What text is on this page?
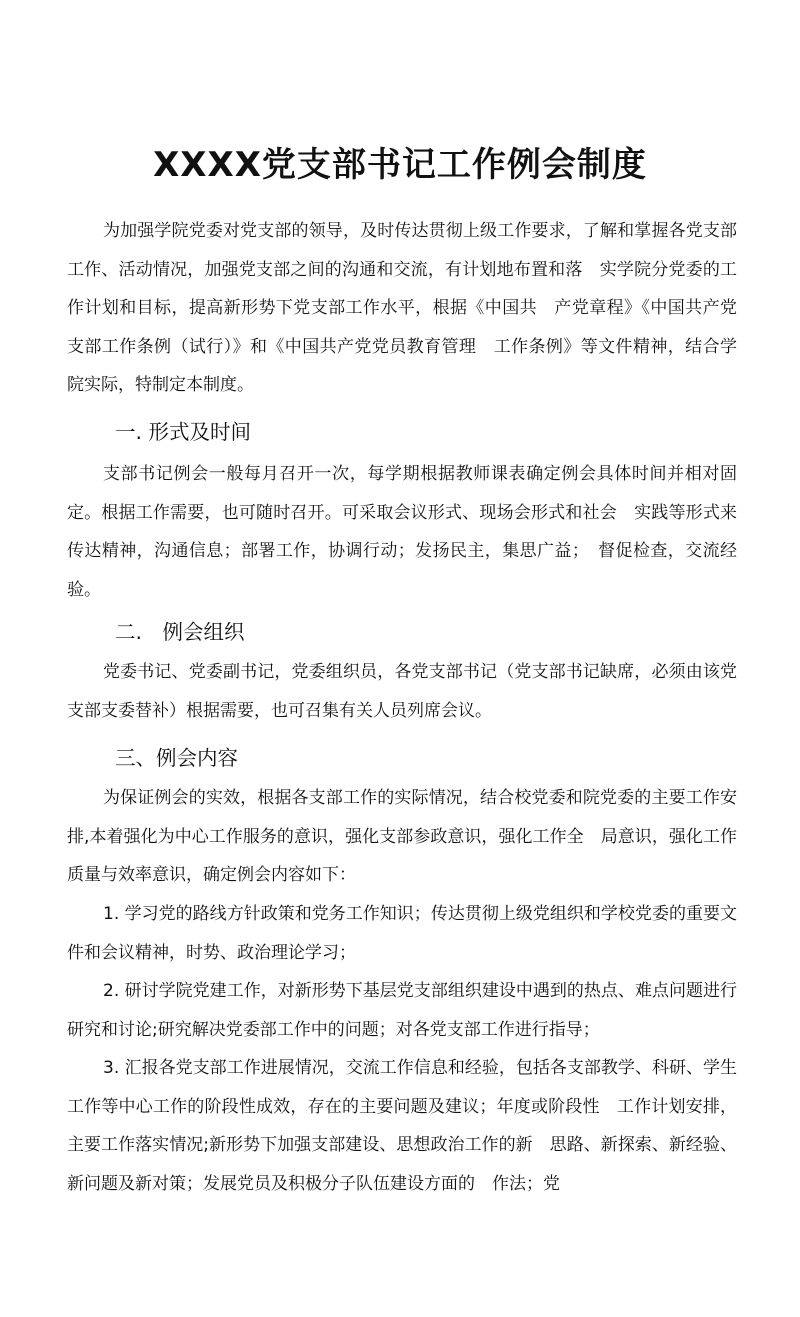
XXXX党支部书记工作例会制度

为加强学院党委对党支部的领导，及时传达贯彻上级工作要求，了解和掌握各党支部工作、活动情况，加强党支部之间的沟通和交流，有计划地布置和落　实学院分党委的工作计划和目标，提高新形势下党支部工作水平，根据《中国共　产党章程》《中国共产党支部工作条例（试行）》和《中国共产党党员教育管理　工作条例》等文件精神，结合学院实际，特制定本制度。

一. 形式及时间

支部书记例会一般每月召开一次，每学期根据教师课表确定例会具体时间并相对固定。根据工作需要，也可随时召开。可采取会议形式、现场会形式和社会　实践等形式来传达精神，沟通信息；部署工作，协调行动；发扬民主，集思广益；　督促检查，交流经验。

二.　例会组织

党委书记、党委副书记，党委组织员，各党支部书记（党支部书记缺席，必须由该党支部支委替补）根据需要，也可召集有关人员列席会议。

三、例会内容

为保证例会的实效，根据各支部工作的实际情况，结合校党委和院党委的主要工作安排,本着强化为中心工作服务的意识，强化支部参政意识，强化工作全　局意识，强化工作质量与效率意识，确定例会内容如下：

1. 学习党的路线方针政策和党务工作知识；传达贯彻上级党组织和学校党委的重要文件和会议精神，时势、政治理论学习；

2. 研讨学院党建工作，对新形势下基层党支部组织建设中遇到的热点、难点问题进行研究和讨论;研究解决党委部工作中的问题；对各党支部工作进行指导；

3. 汇报各党支部工作进展情况，交流工作信息和经验，包括各支部教学、科研、学生工作等中心工作的阶段性成效，存在的主要问题及建议；年度或阶段性　工作计划安排，主要工作落实情况;新形势下加强支部建设、思想政治工作的新　思路、新探索、新经验、新问题及新对策；发展党员及积极分子队伍建设方面的　作法；党
